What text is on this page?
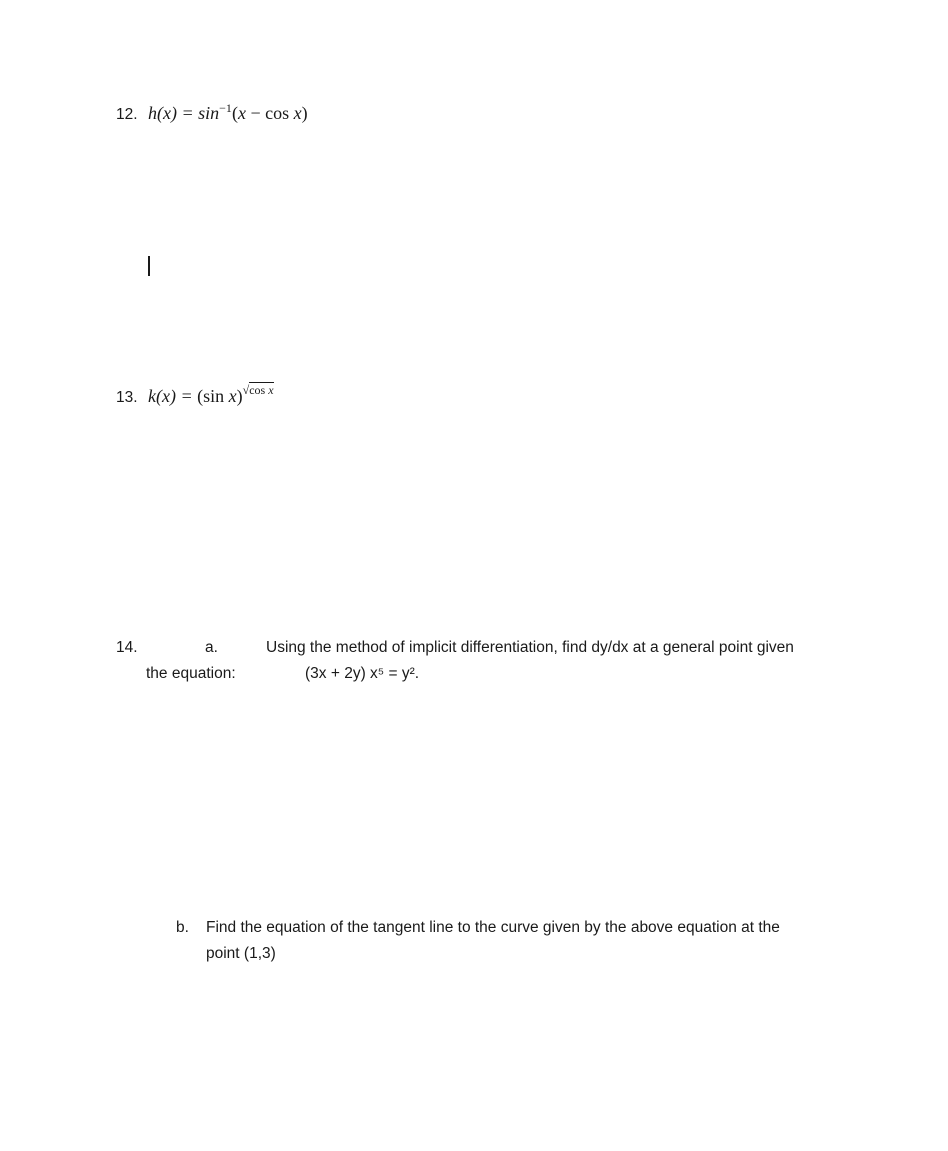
12. $h(x) = \sin^{-1}(x - \cos x)$
13. k(x) = (sin x)$^{√cos x}$
14.	a.	Using the method of implicit differentiation, find dy/dx at a general point given
the equation:	(3x + 2y) x⁵ = y².
b. Find the equation of the tangent line to the curve given by the above equation at the
point (1,3)
